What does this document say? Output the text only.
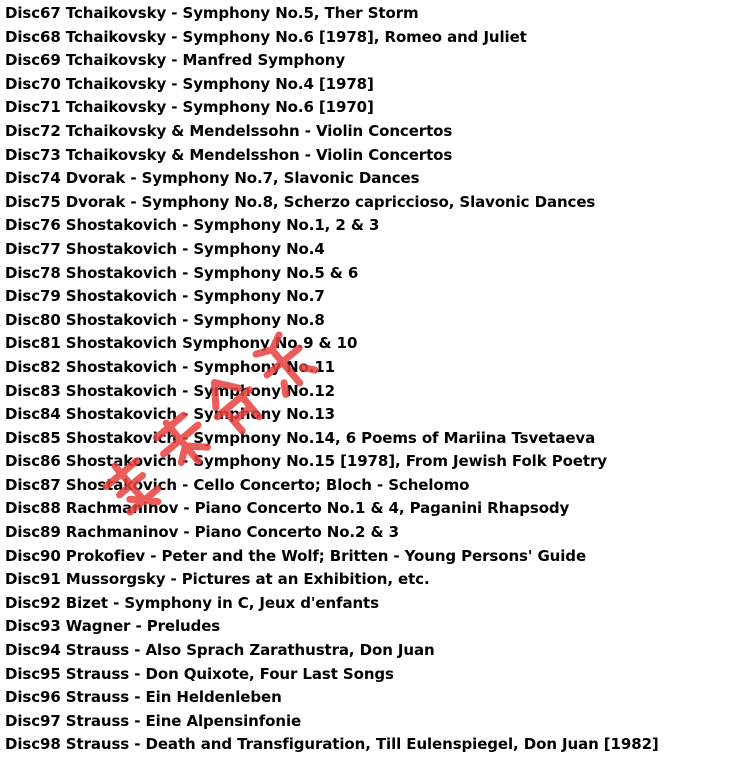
Disc67 Tchaikovsky - Symphony No.5, Ther Storm
Disc68 Tchaikovsky - Symphony No.6 [1978], Romeo and Juliet
Disc69 Tchaikovsky - Manfred Symphony
Disc70 Tchaikovsky - Symphony No.4 [1978]
Disc71 Tchaikovsky - Symphony No.6 [1970]
Disc72 Tchaikovsky & Mendelssohn - Violin Concertos
Disc73 Tchaikovsky & Mendelsshon - Violin Concertos
Disc74 Dvorak - Symphony No.7, Slavonic Dances
Disc75 Dvorak - Symphony No.8, Scherzo capriccioso, Slavonic Dances
Disc76 Shostakovich - Symphony No.1, 2 & 3
Disc77 Shostakovich - Symphony No.4
Disc78 Shostakovich - Symphony No.5 & 6
Disc79 Shostakovich - Symphony No.7
Disc80 Shostakovich - Symphony No.8
Disc81 Shostakovich Symphony No.9 & 10
Disc82 Shostakovich - Symphony No.11
Disc83 Shostakovich - Symphony No.12
Disc84 Shostakovich - Symphony No.13
Disc85 Shostakovich - Symphony No.14, 6 Poems of Mariina Tsvetaeva
Disc86 Shostakovich - Symphony No.15 [1978], From Jewish Folk Poetry
Disc87 Shostakovich - Cello Concerto; Bloch - Schelomo
Disc88 Rachmaninov - Piano Concerto No.1 & 4, Paganini Rhapsody
Disc89 Rachmaninov - Piano Concerto No.2 & 3
Disc90 Prokofiev - Peter and the Wolf; Britten - Young Persons' Guide
Disc91 Mussorgsky - Pictures at an Exhibition, etc.
Disc92 Bizet - Symphony in C, Jeux d'enfants
Disc93 Wagner - Preludes
Disc94 Strauss - Also Sprach Zarathustra, Don Juan
Disc95 Strauss - Don Quixote, Four Last Songs
Disc96 Strauss - Ein Heldenleben
Disc97 Strauss - Eine Alpensinfonie
Disc98 Strauss - Death and Transfiguration, Till Eulenspiegel, Don Juan [1982]
